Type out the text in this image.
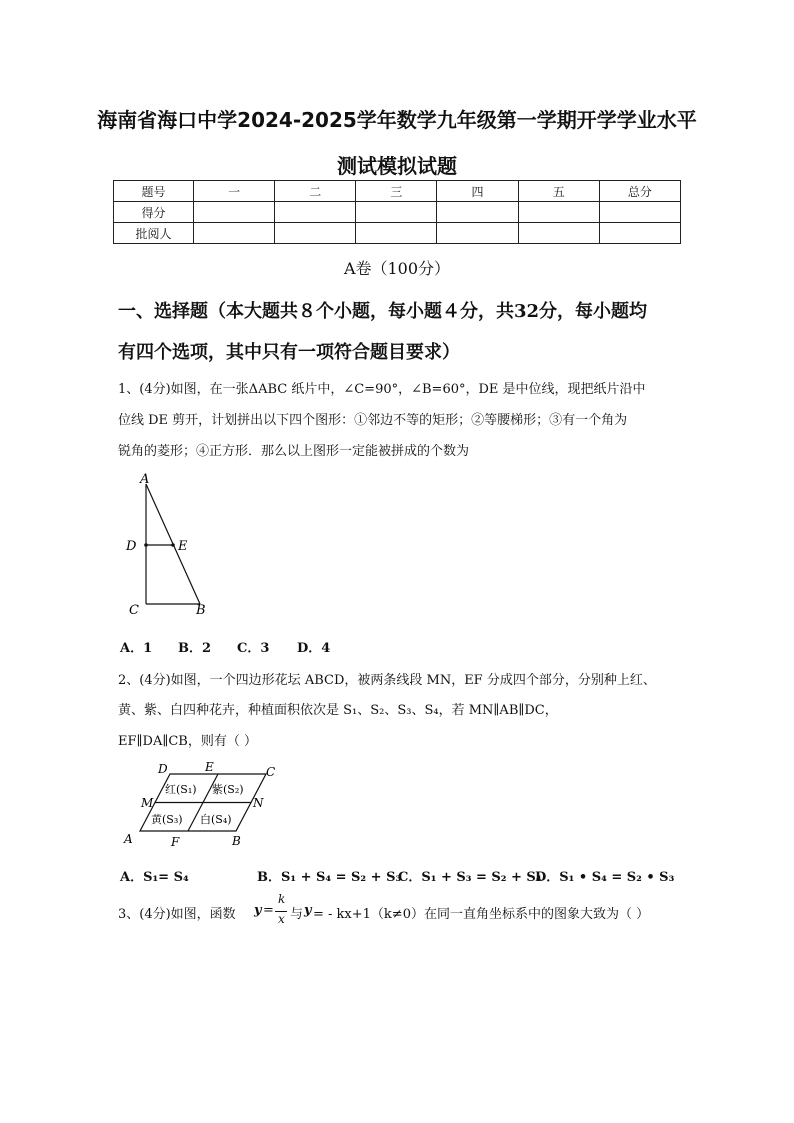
海南省海口中学2024-2025学年数学九年级第一学期开学学业水平
测试模拟试题
题号	一	二	三	四	五	总分
得分						
批阅人						
A卷（100分）
一、选择题（本大题共８个小题，每小题４分，共32分，每小题均
有四个选项，其中只有一项符合题目要求）
1、(4分)如图，在一张ΔABC 纸片中，∠C=90°，∠B=60°，DE 是中位线，现把纸片沿中
位线 DE 剪开，计划拼出以下四个图形：①邻边不等的矩形；②等腰梯形；③有一个角为
锐角的菱形；④正方形．那么以上图形一定能被拼成的个数为
A
D	E
C	B
A．1 B．2 C．3 D．4
2、(4分)如图，一个四边形花坛 ABCD，被两条线段 MN，EF 分成四个部分，分别种上红、
黄、紫、白四种花卉，种植面积依次是 S₁、S₂、S₃、S₄，若 MN∥AB∥DC，
EF∥DA∥CB，则有（ ）
D	E	C
M	N
A	F	B
红(S₁) 紫(S₂)
黄(S₃) 白(S₄)
A．S₁= S₄	B．S₁ + S₄ = S₂ + S₃
C．S₁ + S₃ = S₂ + S₄
D．S₁ • S₄ = S₂ • S₃
3、(4分)如图，函数 y =
k
x 与 y = - kx+1（k≠0）在同一直角坐标系中的图象大致为（ ）
